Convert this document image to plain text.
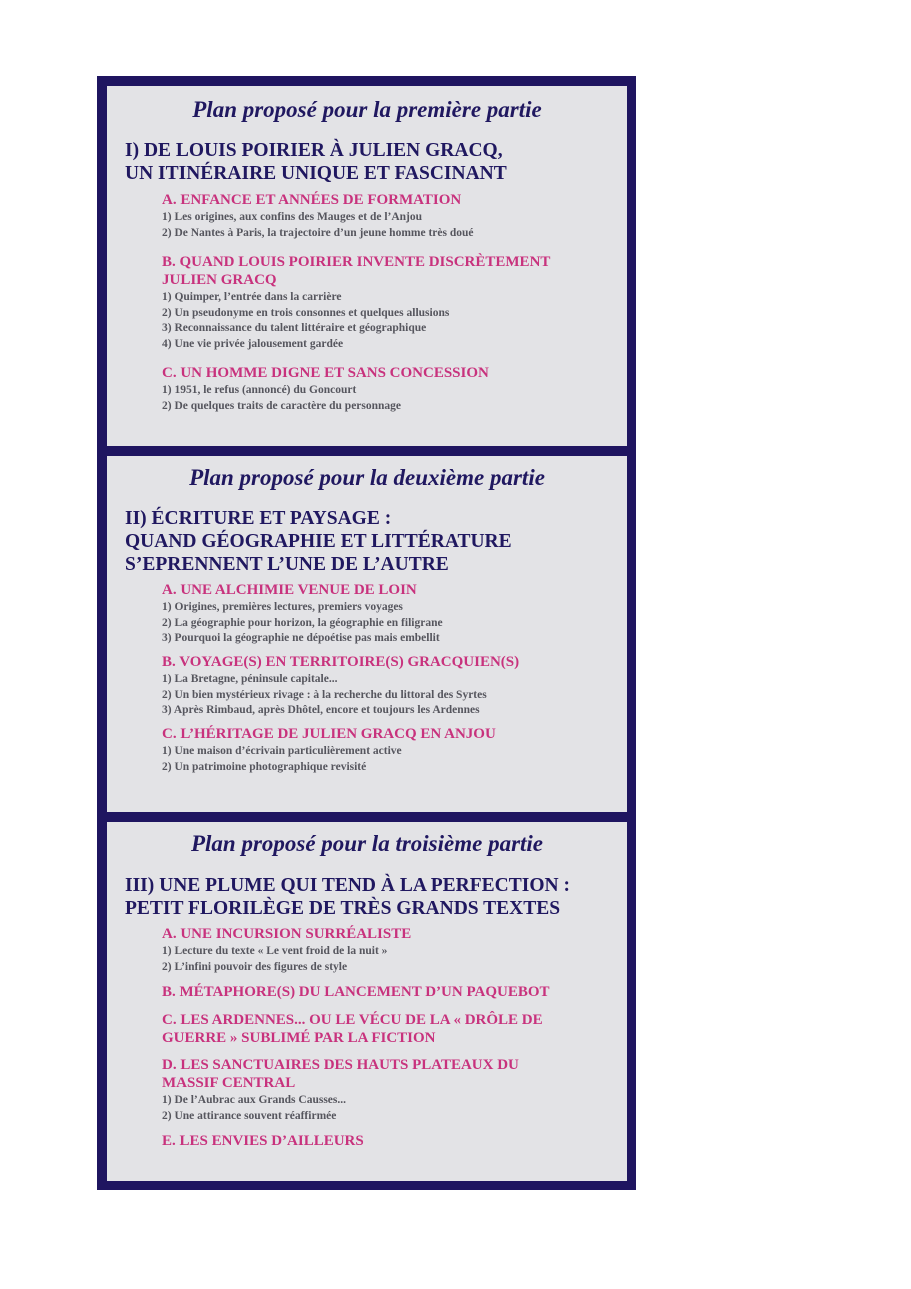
Plan proposé pour la première partie
I) DE LOUIS POIRIER À JULIEN GRACQ,
UN ITINÉRAIRE UNIQUE ET FASCINANT
A. ENFANCE ET ANNÉES DE FORMATION
1) Les origines, aux confins des Mauges et de l’Anjou
2) De Nantes à Paris, la trajectoire d’un jeune homme très doué
B. QUAND LOUIS POIRIER INVENTE DISCRÈTEMENT
JULIEN GRACQ
1) Quimper, l’entrée dans la carrière
2) Un pseudonyme en trois consonnes et quelques allusions
3) Reconnaissance du talent littéraire et géographique
4) Une vie privée jalousement gardée
C. UN HOMME DIGNE ET SANS CONCESSION
1) 1951, le refus (annoncé) du Goncourt
2) De quelques traits de caractère du personnage
Plan proposé pour la deuxième partie
II) ÉCRITURE ET PAYSAGE :
QUAND GÉOGRAPHIE ET LITTÉRATURE
S’EPRENNENT L’UNE DE L’AUTRE
A. UNE ALCHIMIE VENUE DE LOIN
1) Origines, premières lectures, premiers voyages
2) La géographie pour horizon, la géographie en filigrane
3) Pourquoi la géographie ne dépoétise pas mais embellit
B. VOYAGE(S) EN TERRITOIRE(S) GRACQUIEN(S)
1) La Bretagne, péninsule capitale...
2) Un bien mystérieux rivage : à la recherche du littoral des Syrtes
3) Après Rimbaud, après Dhôtel, encore et toujours les Ardennes
C. L’HÉRITAGE DE JULIEN GRACQ EN ANJOU
1) Une maison d’écrivain particulièrement active
2) Un patrimoine photographique revisité
Plan proposé pour la troisième partie
III) UNE PLUME QUI TEND À LA PERFECTION :
PETIT FLORILÈGE DE TRÈS GRANDS TEXTES
A. UNE INCURSION SURRÉALISTE
1) Lecture du texte « Le vent froid de la nuit »
2) L’infini pouvoir des figures de style
B. MÉTAPHORE(S) DU LANCEMENT D’UN PAQUEBOT
C. LES ARDENNES... OU LE VÉCU DE LA « DRÔLE DE
GUERRE » SUBLIMÉ PAR LA FICTION
D. LES SANCTUAIRES DES HAUTS PLATEAUX DU
MASSIF CENTRAL
1) De l’Aubrac aux Grands Causses...
2) Une attirance souvent réaffirmée
E. LES ENVIES D’AILLEURS
